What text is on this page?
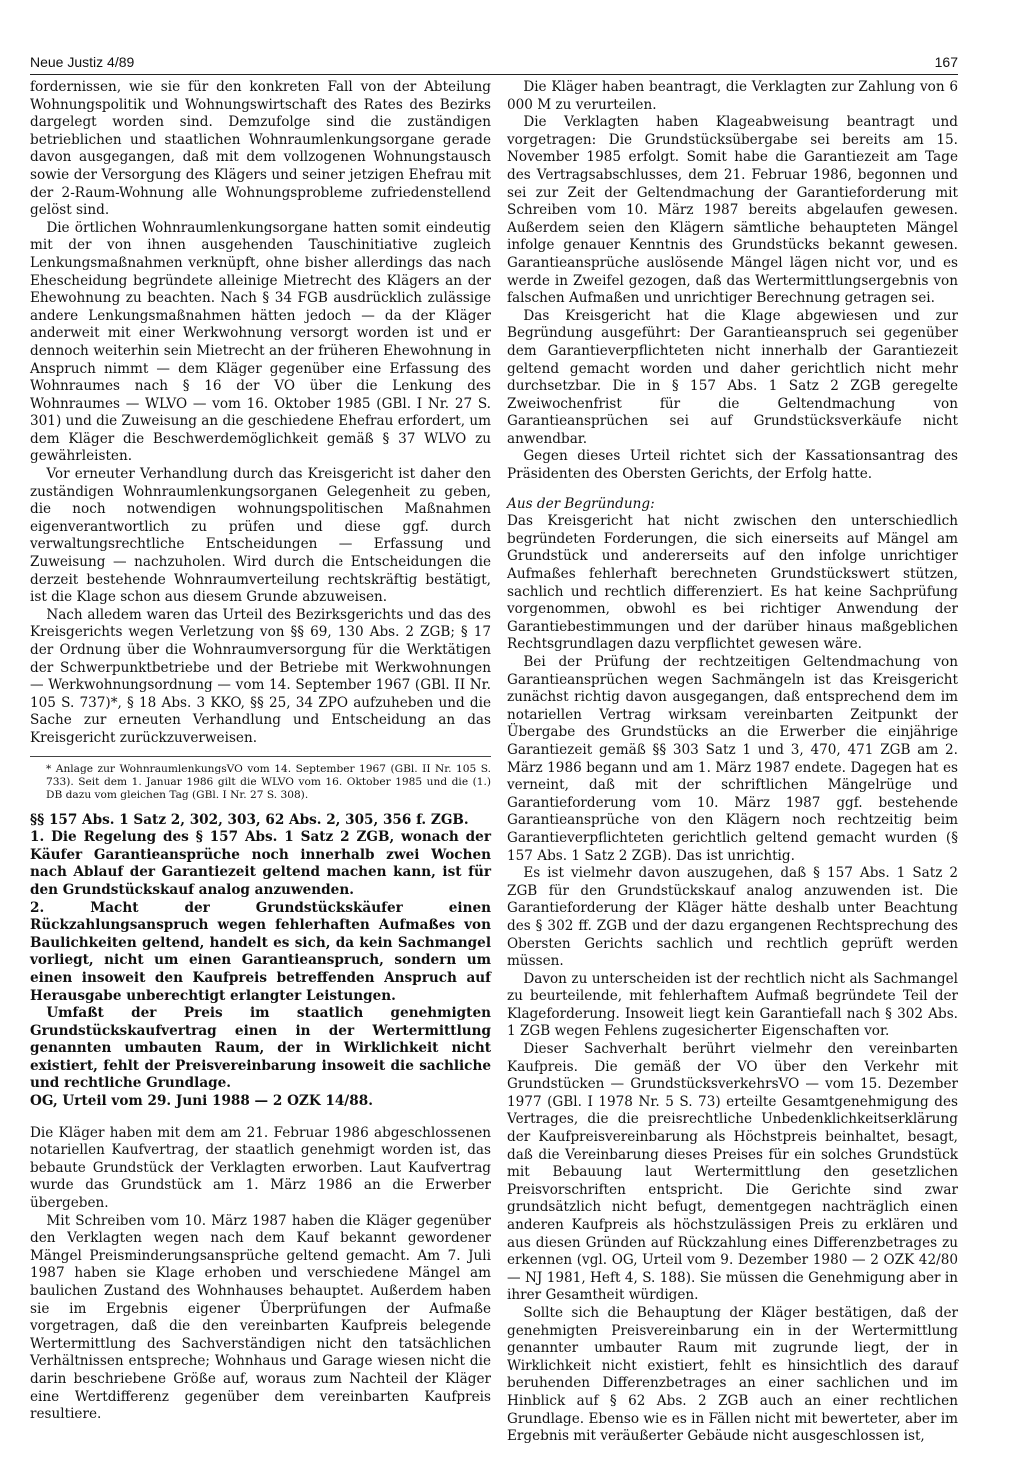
Neue Justiz 4/89	167

fordernissen, wie sie für den konkreten Fall von der Abteilung Wohnungspolitik und Wohnungswirtschaft des Rates des Bezirks dargelegt worden sind. Demzufolge sind die zuständigen betrieblichen und staatlichen Wohnraumlenkungsorgane gerade davon ausgegangen, daß mit dem vollzogenen Wohnungstausch sowie der Versorgung des Klägers und seiner jetzigen Ehefrau mit der 2-Raum-Wohnung alle Wohnungsprobleme zufriedenstellend gelöst sind.

Die örtlichen Wohnraumlenkungsorgane hatten somit eindeutig mit der von ihnen ausgehenden Tauschinitiative zugleich Lenkungsmaßnahmen verknüpft, ohne bisher allerdings das nach Ehescheidung begründete alleinige Mietrecht des Klägers an der Ehewohnung zu beachten. Nach § 34 FGB ausdrücklich zulässige andere Lenkungsmaßnahmen hätten jedoch — da der Kläger anderweit mit einer Werkwohnung versorgt worden ist und er dennoch weiterhin sein Mietrecht an der früheren Ehewohnung in Anspruch nimmt — dem Kläger gegenüber eine Erfassung des Wohnraumes nach § 16 der VO über die Lenkung des Wohnraumes — WLVO — vom 16. Oktober 1985 (GBl. I Nr. 27 S. 301) und die Zuweisung an die geschiedene Ehefrau erfordert, um dem Kläger die Beschwerdemöglichkeit gemäß § 37 WLVO zu gewährleisten.

Vor erneuter Verhandlung durch das Kreisgericht ist daher den zuständigen Wohnraumlenkungsorganen Gelegenheit zu geben, die noch notwendigen wohnungspolitischen Maßnahmen eigenverantwortlich zu prüfen und diese ggf. durch verwaltungsrechtliche Entscheidungen — Erfassung und Zuweisung — nachzuholen. Wird durch die Entscheidungen die derzeit bestehende Wohnraumverteilung rechtskräftig bestätigt, ist die Klage schon aus diesem Grunde abzuweisen.

Nach alledem waren das Urteil des Bezirksgerichts und das des Kreisgerichts wegen Verletzung von §§ 69, 130 Abs. 2 ZGB; § 17 der Ordnung über die Wohnraumversorgung für die Werktätigen der Schwerpunktbetriebe und der Betriebe mit Werkwohnungen — Werkwohnungsordnung — vom 14. September 1967 (GBl. II Nr. 105 S. 737)*, § 18 Abs. 3 KKO, §§ 25, 34 ZPO aufzuheben und die Sache zur erneuten Verhandlung und Entscheidung an das Kreisgericht zurückzuverweisen.

* Anlage zur WohnraumlenkungsVO vom 14. September 1967 (GBl. II Nr. 105 S. 733). Seit dem 1. Januar 1986 gilt die WLVO vom 16. Oktober 1985 und die (1.) DB dazu vom gleichen Tag (GBl. I Nr. 27 S. 308).

§§ 157 Abs. 1 Satz 2, 302, 303, 62 Abs. 2, 305, 356 f. ZGB.

1. Die Regelung des § 157 Abs. 1 Satz 2 ZGB, wonach der Käufer Garantieansprüche noch innerhalb zwei Wochen nach Ablauf der Garantiezeit geltend machen kann, ist für den Grundstückskauf analog anzuwenden.

2. Macht der Grundstückskäufer einen Rückzahlungsanspruch wegen fehlerhaften Aufmaßes von Baulichkeiten geltend, handelt es sich, da kein Sachmangel vorliegt, nicht um einen Garantieanspruch, sondern um einen insoweit den Kaufpreis betreffenden Anspruch auf Herausgabe unberechtigt erlangter Leistungen.

Umfaßt der Preis im staatlich genehmigten Grundstückskaufvertrag einen in der Wertermittlung genannten umbauten Raum, der in Wirklichkeit nicht existiert, fehlt der Preisvereinbarung insoweit die sachliche und rechtliche Grundlage.

OG, Urteil vom 29. Juni 1988 — 2 OZK 14/88.

Die Kläger haben mit dem am 21. Februar 1986 abgeschlossenen notariellen Kaufvertrag, der staatlich genehmigt worden ist, das bebaute Grundstück der Verklagten erworben. Laut Kaufvertrag wurde das Grundstück am 1. März 1986 an die Erwerber übergeben.

Mit Schreiben vom 10. März 1987 haben die Kläger gegenüber den Verklagten wegen nach dem Kauf bekannt gewordener Mängel Preisminderungsansprüche geltend gemacht. Am 7. Juli 1987 haben sie Klage erhoben und verschiedene Mängel am baulichen Zustand des Wohnhauses behauptet. Außerdem haben sie im Ergebnis eigener Überprüfungen der Aufmaße vorgetragen, daß die den vereinbarten Kaufpreis belegende Wertermittlung des Sachverständigen nicht den tatsächlichen Verhältnissen entspreche; Wohnhaus und Garage wiesen nicht die darin beschriebene Größe auf, woraus zum Nachteil der Kläger eine Wertdifferenz gegenüber dem vereinbarten Kaufpreis resultiere.

Die Kläger haben beantragt, die Verklagten zur Zahlung von 6 000 M zu verurteilen.

Die Verklagten haben Klageabweisung beantragt und vorgetragen: Die Grundstücksübergabe sei bereits am 15. November 1985 erfolgt. Somit habe die Garantiezeit am Tage des Vertragsabschlusses, dem 21. Februar 1986, begonnen und sei zur Zeit der Geltendmachung der Garantieforderung mit Schreiben vom 10. März 1987 bereits abgelaufen gewesen. Außerdem seien den Klägern sämtliche behaupteten Mängel infolge genauer Kenntnis des Grundstücks bekannt gewesen. Garantieansprüche auslösende Mängel lägen nicht vor, und es werde in Zweifel gezogen, daß das Wertermittlungsergebnis von falschen Aufmaßen und unrichtiger Berechnung getragen sei.

Das Kreisgericht hat die Klage abgewiesen und zur Begründung ausgeführt: Der Garantieanspruch sei gegenüber dem Garantieverpflichteten nicht innerhalb der Garantiezeit geltend gemacht worden und daher gerichtlich nicht mehr durchsetzbar. Die in § 157 Abs. 1 Satz 2 ZGB geregelte Zweiwochenfrist für die Geltendmachung von Garantieansprüchen sei auf Grundstücksverkäufe nicht anwendbar.

Gegen dieses Urteil richtet sich der Kassationsantrag des Präsidenten des Obersten Gerichts, der Erfolg hatte.

Aus der Begründung:

Das Kreisgericht hat nicht zwischen den unterschiedlich begründeten Forderungen, die sich einerseits auf Mängel am Grundstück und andererseits auf den infolge unrichtiger Aufmaßes fehlerhaft berechneten Grundstückswert stützen, sachlich und rechtlich differenziert. Es hat keine Sachprüfung vorgenommen, obwohl es bei richtiger Anwendung der Garantiebestimmungen und der darüber hinaus maßgeblichen Rechtsgrundlagen dazu verpflichtet gewesen wäre.

Bei der Prüfung der rechtzeitigen Geltendmachung von Garantieansprüchen wegen Sachmängeln ist das Kreisgericht zunächst richtig davon ausgegangen, daß entsprechend dem im notariellen Vertrag wirksam vereinbarten Zeitpunkt der Übergabe des Grundstücks an die Erwerber die einjährige Garantiezeit gemäß §§ 303 Satz 1 und 3, 470, 471 ZGB am 2. März 1986 begann und am 1. März 1987 endete. Dagegen hat es verneint, daß mit der schriftlichen Mängelrüge und Garantieforderung vom 10. März 1987 ggf. bestehende Garantieansprüche von den Klägern noch rechtzeitig beim Garantieverpflichteten gerichtlich geltend gemacht wurden (§ 157 Abs. 1 Satz 2 ZGB). Das ist unrichtig.

Es ist vielmehr davon auszugehen, daß § 157 Abs. 1 Satz 2 ZGB für den Grundstückskauf analog anzuwenden ist. Die Garantieforderung der Kläger hätte deshalb unter Beachtung des § 302 ff. ZGB und der dazu ergangenen Rechtsprechung des Obersten Gerichts sachlich und rechtlich geprüft werden müssen.

Davon zu unterscheiden ist der rechtlich nicht als Sachmangel zu beurteilende, mit fehlerhaftem Aufmaß begründete Teil der Klageforderung. Insoweit liegt kein Garantiefall nach § 302 Abs. 1 ZGB wegen Fehlens zugesicherter Eigenschaften vor.

Dieser Sachverhalt berührt vielmehr den vereinbarten Kaufpreis. Die gemäß der VO über den Verkehr mit Grundstücken — GrundstücksverkehrsVO — vom 15. Dezember 1977 (GBl. I 1978 Nr. 5 S. 73) erteilte Gesamtgenehmigung des Vertrages, die die preisrechtliche Unbedenklichkeitserklärung der Kaufpreisvereinbarung als Höchstpreis beinhaltet, besagt, daß die Vereinbarung dieses Preises für ein solches Grundstück mit Bebauung laut Wertermittlung den gesetzlichen Preisvorschriften entspricht. Die Gerichte sind zwar grundsätzlich nicht befugt, dementgegen nachträglich einen anderen Kaufpreis als höchstzulässigen Preis zu erklären und aus diesen Gründen auf Rückzahlung eines Differenzbetrages zu erkennen (vgl. OG, Urteil vom 9. Dezember 1980 — 2 OZK 42/80 — NJ 1981, Heft 4, S. 188). Sie müssen die Genehmigung aber in ihrer Gesamtheit würdigen.

Sollte sich die Behauptung der Kläger bestätigen, daß der genehmigten Preisvereinbarung ein in der Wertermittlung genannter umbauter Raum mit zugrunde liegt, der in Wirklichkeit nicht existiert, fehlt es hinsichtlich des darauf beruhenden Differenzbetrages an einer sachlichen und im Hinblick auf § 62 Abs. 2 ZGB auch an einer rechtlichen Grundlage. Ebenso wie es in Fällen nicht mit bewerteter, aber im Ergebnis mit veräußerter Gebäude nicht ausgeschlossen ist,
